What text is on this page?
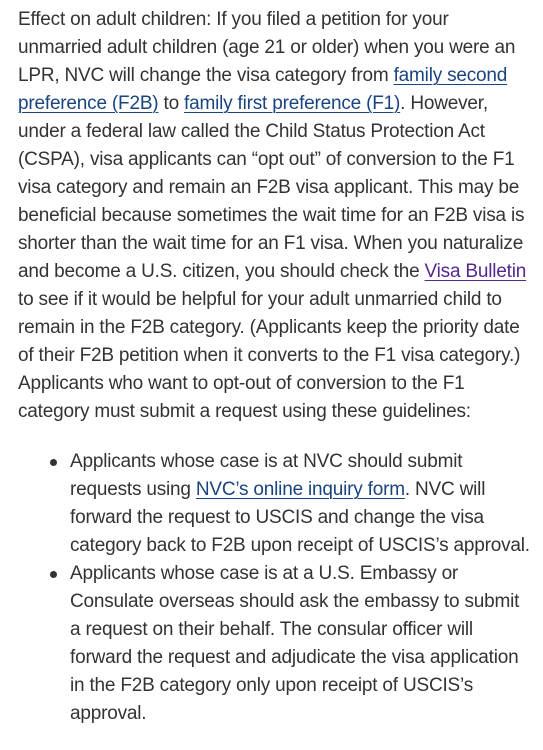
Effect on adult children: If you filed a petition for your unmarried adult children (age 21 or older) when you were an LPR, NVC will change the visa category from family second preference (F2B) to family first preference (F1). However, under a federal law called the Child Status Protection Act (CSPA), visa applicants can “opt out” of conversion to the F1 visa category and remain an F2B visa applicant. This may be beneficial because sometimes the wait time for an F2B visa is shorter than the wait time for an F1 visa. When you naturalize and become a U.S. citizen, you should check the Visa Bulletin to see if it would be helpful for your adult unmarried child to remain in the F2B category. (Applicants keep the priority date of their F2B petition when it converts to the F1 visa category.) Applicants who want to opt-out of conversion to the F1 category must submit a request using these guidelines:

Applicants whose case is at NVC should submit requests using NVC’s online inquiry form. NVC will forward the request to USCIS and change the visa category back to F2B upon receipt of USCIS’s approval.
Applicants whose case is at a U.S. Embassy or Consulate overseas should ask the embassy to submit a request on their behalf. The consular officer will forward the request and adjudicate the visa application in the F2B category only upon receipt of USCIS’s approval.
